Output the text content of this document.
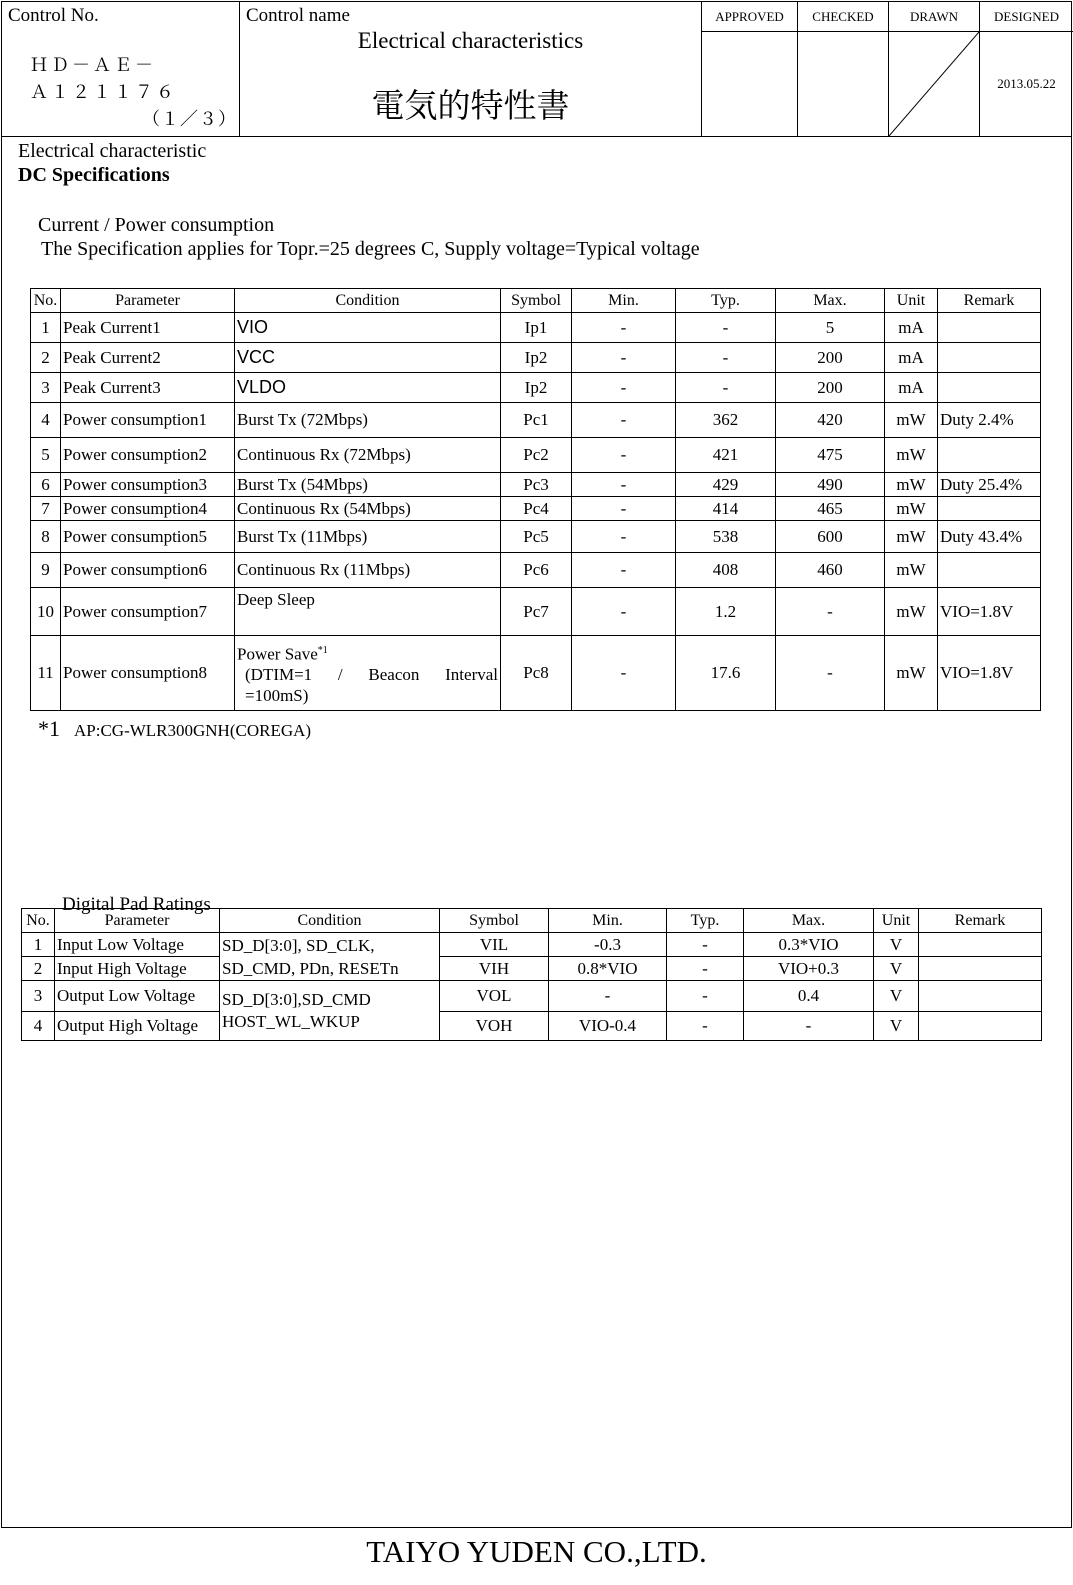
Control No.
ＨＤ－ＡＥ－
Ａ１２１１７６
（１／３）
Control name
Electrical characteristics
電気的特性書
APPROVED	CHECKED	DRAWN	DESIGNED
2013.05.22
Electrical characteristic
DC Specifications
Current / Power consumption
The Specification applies for Topr.=25 degrees C, Supply voltage=Typical voltage
No.	Parameter	Condition	Symbol	Min.	Typ.	Max.	Unit	Remark
1	Peak Current1	VIO	Ip1	-	-	5	mA	
2	Peak Current2	VCC	Ip2	-	-	200	mA	
3	Peak Current3	VLDO	Ip2	-	-	200	mA	
4	Power consumption1	Burst Tx (72Mbps)	Pc1	-	362	420	mW	Duty 2.4%
5	Power consumption2	Continuous Rx (72Mbps)	Pc2	-	421	475	mW	
6	Power consumption3	Burst Tx (54Mbps)	Pc3	-	429	490	mW	Duty 25.4%
7	Power consumption4	Continuous Rx (54Mbps)	Pc4	-	414	465	mW	
8	Power consumption5	Burst Tx (11Mbps)	Pc5	-	538	600	mW	Duty 43.4%
9	Power consumption6	Continuous Rx (11Mbps)	Pc6	-	408	460	mW	
10	Power consumption7	Deep Sleep	Pc7	-	1.2	-	mW	VIO=1.8V
11	Power consumption8	Power Save$^{*1}$

(DTIM=1 / Beacon Interval =100mS)	Pc8	-	17.6	-	mW	VIO=1.8V
*1 AP:CG-WLR300GNH(COREGA)
Digital Pad Ratings
No.	Parameter	Condition	Symbol	Min.	Typ.	Max.	Unit	Remark
1	Input Low Voltage	SD_D[3:0], SD_CLK, SD_CMD, PDn, RESETn	VIL	-0.3	-	0.3*VIO	V	
2	Input High Voltage		VIH	0.8*VIO	-	VIO+0.3	V	
3	Output Low Voltage	SD_D[3:0],SD_CMD
HOST_WL_WKUP	VOL	-	-	0.4	V	
4	Output High Voltage		VOH	VIO-0.4	-	-	V	
TAIYO YUDEN CO.,LTD.
